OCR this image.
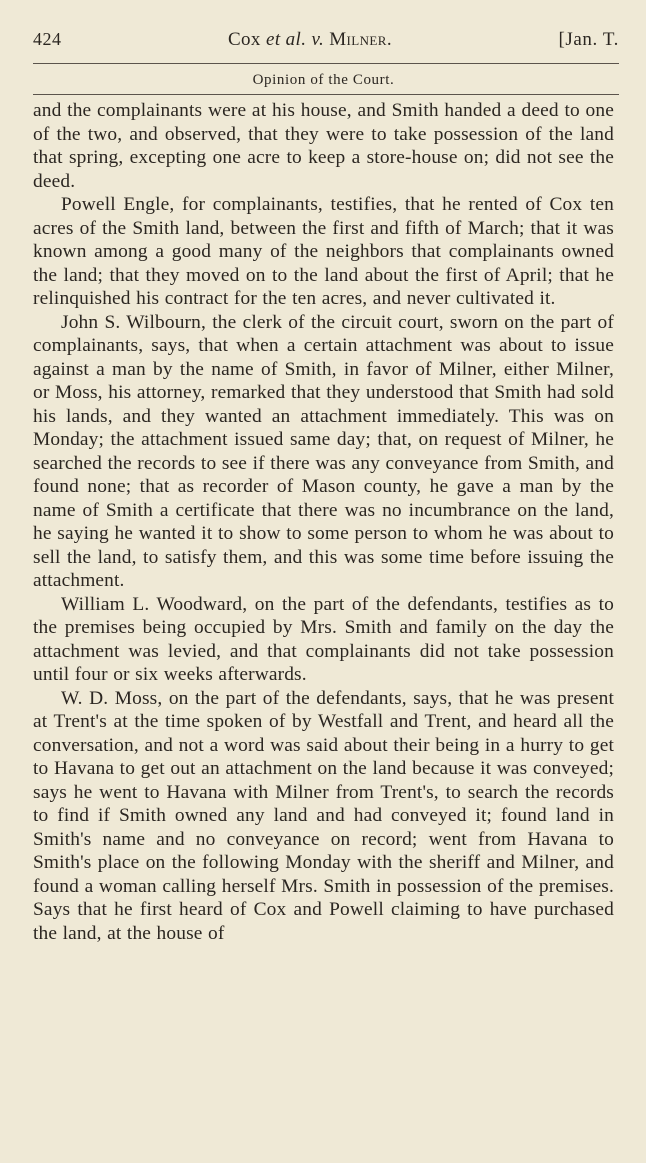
424	Cox et al. v. Milner.	[Jan. T.
Opinion of the Court.

and the complainants were at his house, and Smith handed a deed to one of the two, and observed, that they were to take possession of the land that spring, excepting one acre to keep a store-house on; did not see the deed.

Powell Engle, for complainants, testifies, that he rented of Cox ten acres of the Smith land, between the first and fifth of March; that it was known among a good many of the neighbors that complainants owned the land; that they moved on to the land about the first of April; that he relinquished his contract for the ten acres, and never cultivated it.

John S. Wilbourn, the clerk of the circuit court, sworn on the part of complainants, says, that when a certain attachment was about to issue against a man by the name of Smith, in favor of Milner, either Milner, or Moss, his attorney, remarked that they understood that Smith had sold his lands, and they wanted an attachment immediately. This was on Monday; the attachment issued same day; that, on request of Milner, he searched the records to see if there was any conveyance from Smith, and found none; that as recorder of Mason county, he gave a man by the name of Smith a certificate that there was no incumbrance on the land, he saying he wanted it to show to some person to whom he was about to sell the land, to satisfy them, and this was some time before issuing the attachment.

William L. Woodward, on the part of the defendants, testifies as to the premises being occupied by Mrs. Smith and family on the day the attachment was levied, and that complainants did not take possession until four or six weeks afterwards.

W. D. Moss, on the part of the defendants, says, that he was present at Trent's at the time spoken of by Westfall and Trent, and heard all the conversation, and not a word was said about their being in a hurry to get to Havana to get out an attachment on the land because it was conveyed; says he went to Havana with Milner from Trent's, to search the records to find if Smith owned any land and had conveyed it; found land in Smith's name and no conveyance on record; went from Havana to Smith's place on the following Monday with the sheriff and Milner, and found a woman calling herself Mrs. Smith in possession of the premises. Says that he first heard of Cox and Powell claiming to have purchased the land, at the house of
